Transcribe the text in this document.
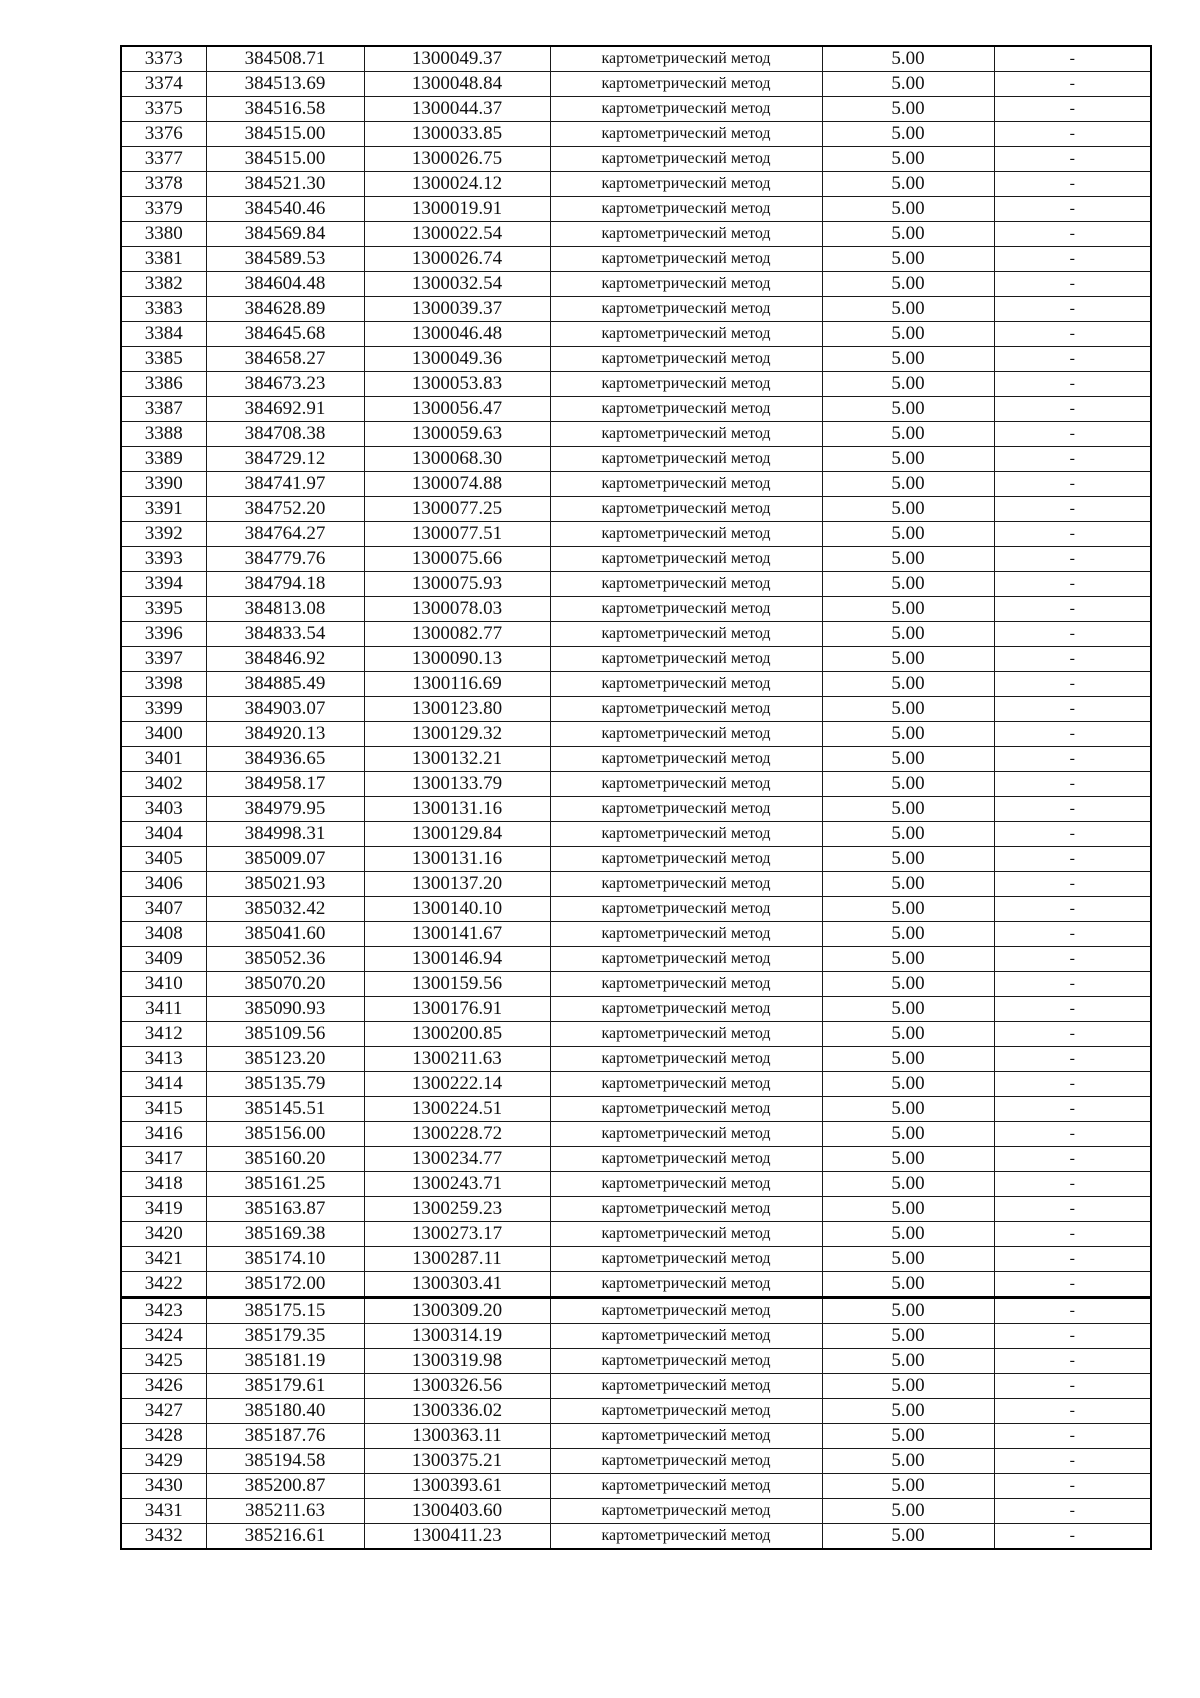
3373	384508.71	1300049.37	картометрический метод	5.00	-
3374	384513.69	1300048.84	картометрический метод	5.00	-
3375	384516.58	1300044.37	картометрический метод	5.00	-
3376	384515.00	1300033.85	картометрический метод	5.00	-
3377	384515.00	1300026.75	картометрический метод	5.00	-
3378	384521.30	1300024.12	картометрический метод	5.00	-
3379	384540.46	1300019.91	картометрический метод	5.00	-
3380	384569.84	1300022.54	картометрический метод	5.00	-
3381	384589.53	1300026.74	картометрический метод	5.00	-
3382	384604.48	1300032.54	картометрический метод	5.00	-
3383	384628.89	1300039.37	картометрический метод	5.00	-
3384	384645.68	1300046.48	картометрический метод	5.00	-
3385	384658.27	1300049.36	картометрический метод	5.00	-
3386	384673.23	1300053.83	картометрический метод	5.00	-
3387	384692.91	1300056.47	картометрический метод	5.00	-
3388	384708.38	1300059.63	картометрический метод	5.00	-
3389	384729.12	1300068.30	картометрический метод	5.00	-
3390	384741.97	1300074.88	картометрический метод	5.00	-
3391	384752.20	1300077.25	картометрический метод	5.00	-
3392	384764.27	1300077.51	картометрический метод	5.00	-
3393	384779.76	1300075.66	картометрический метод	5.00	-
3394	384794.18	1300075.93	картометрический метод	5.00	-
3395	384813.08	1300078.03	картометрический метод	5.00	-
3396	384833.54	1300082.77	картометрический метод	5.00	-
3397	384846.92	1300090.13	картометрический метод	5.00	-
3398	384885.49	1300116.69	картометрический метод	5.00	-
3399	384903.07	1300123.80	картометрический метод	5.00	-
3400	384920.13	1300129.32	картометрический метод	5.00	-
3401	384936.65	1300132.21	картометрический метод	5.00	-
3402	384958.17	1300133.79	картометрический метод	5.00	-
3403	384979.95	1300131.16	картометрический метод	5.00	-
3404	384998.31	1300129.84	картометрический метод	5.00	-
3405	385009.07	1300131.16	картометрический метод	5.00	-
3406	385021.93	1300137.20	картометрический метод	5.00	-
3407	385032.42	1300140.10	картометрический метод	5.00	-
3408	385041.60	1300141.67	картометрический метод	5.00	-
3409	385052.36	1300146.94	картометрический метод	5.00	-
3410	385070.20	1300159.56	картометрический метод	5.00	-
3411	385090.93	1300176.91	картометрический метод	5.00	-
3412	385109.56	1300200.85	картометрический метод	5.00	-
3413	385123.20	1300211.63	картометрический метод	5.00	-
3414	385135.79	1300222.14	картометрический метод	5.00	-
3415	385145.51	1300224.51	картометрический метод	5.00	-
3416	385156.00	1300228.72	картометрический метод	5.00	-
3417	385160.20	1300234.77	картометрический метод	5.00	-
3418	385161.25	1300243.71	картометрический метод	5.00	-
3419	385163.87	1300259.23	картометрический метод	5.00	-
3420	385169.38	1300273.17	картометрический метод	5.00	-
3421	385174.10	1300287.11	картометрический метод	5.00	-
3422	385172.00	1300303.41	картометрический метод	5.00	-
3423	385175.15	1300309.20	картометрический метод	5.00	-
3424	385179.35	1300314.19	картометрический метод	5.00	-
3425	385181.19	1300319.98	картометрический метод	5.00	-
3426	385179.61	1300326.56	картометрический метод	5.00	-
3427	385180.40	1300336.02	картометрический метод	5.00	-
3428	385187.76	1300363.11	картометрический метод	5.00	-
3429	385194.58	1300375.21	картометрический метод	5.00	-
3430	385200.87	1300393.61	картометрический метод	5.00	-
3431	385211.63	1300403.60	картометрический метод	5.00	-
3432	385216.61	1300411.23	картометрический метод	5.00	-
